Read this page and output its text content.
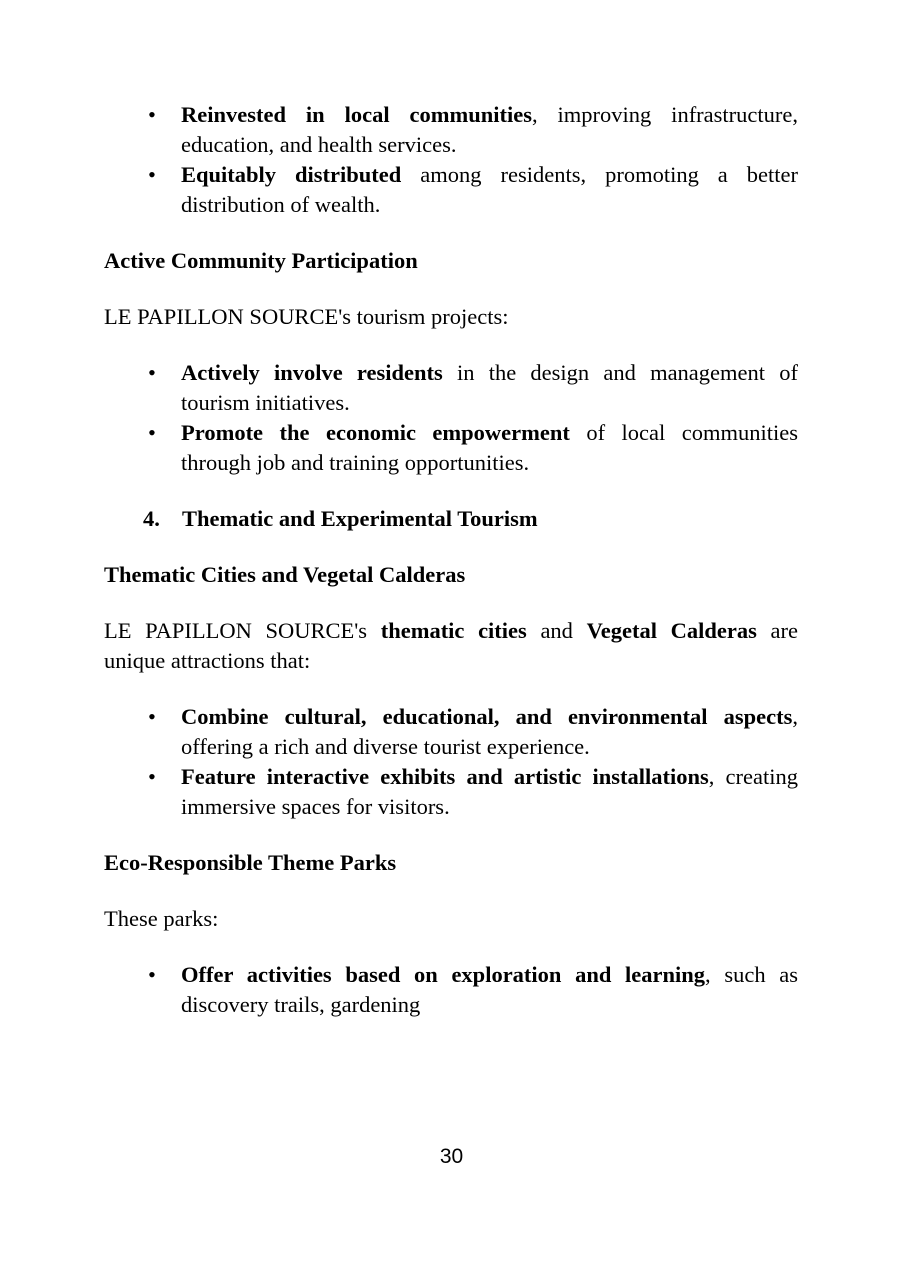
• Reinvested in local communities, improving infrastructure, education, and health services.
• Equitably distributed among residents, promoting a better distribution of wealth.
Active Community Participation

LE PAPILLON SOURCE's tourism projects:

• Actively involve residents in the design and management of tourism initiatives.
• Promote the economic empowerment of local communities through job and training opportunities.
4. Thematic and Experimental Tourism
Thematic Cities and Vegetal Calderas

LE PAPILLON SOURCE's thematic cities and Vegetal Calderas are unique attractions that:

• Combine cultural, educational, and environmental aspects, offering a rich and diverse tourist experience.
• Feature interactive exhibits and artistic installations, creating immersive spaces for visitors.
Eco-Responsible Theme Parks

These parks:

• Offer activities based on exploration and learning, such as discovery trails, gardening
30
